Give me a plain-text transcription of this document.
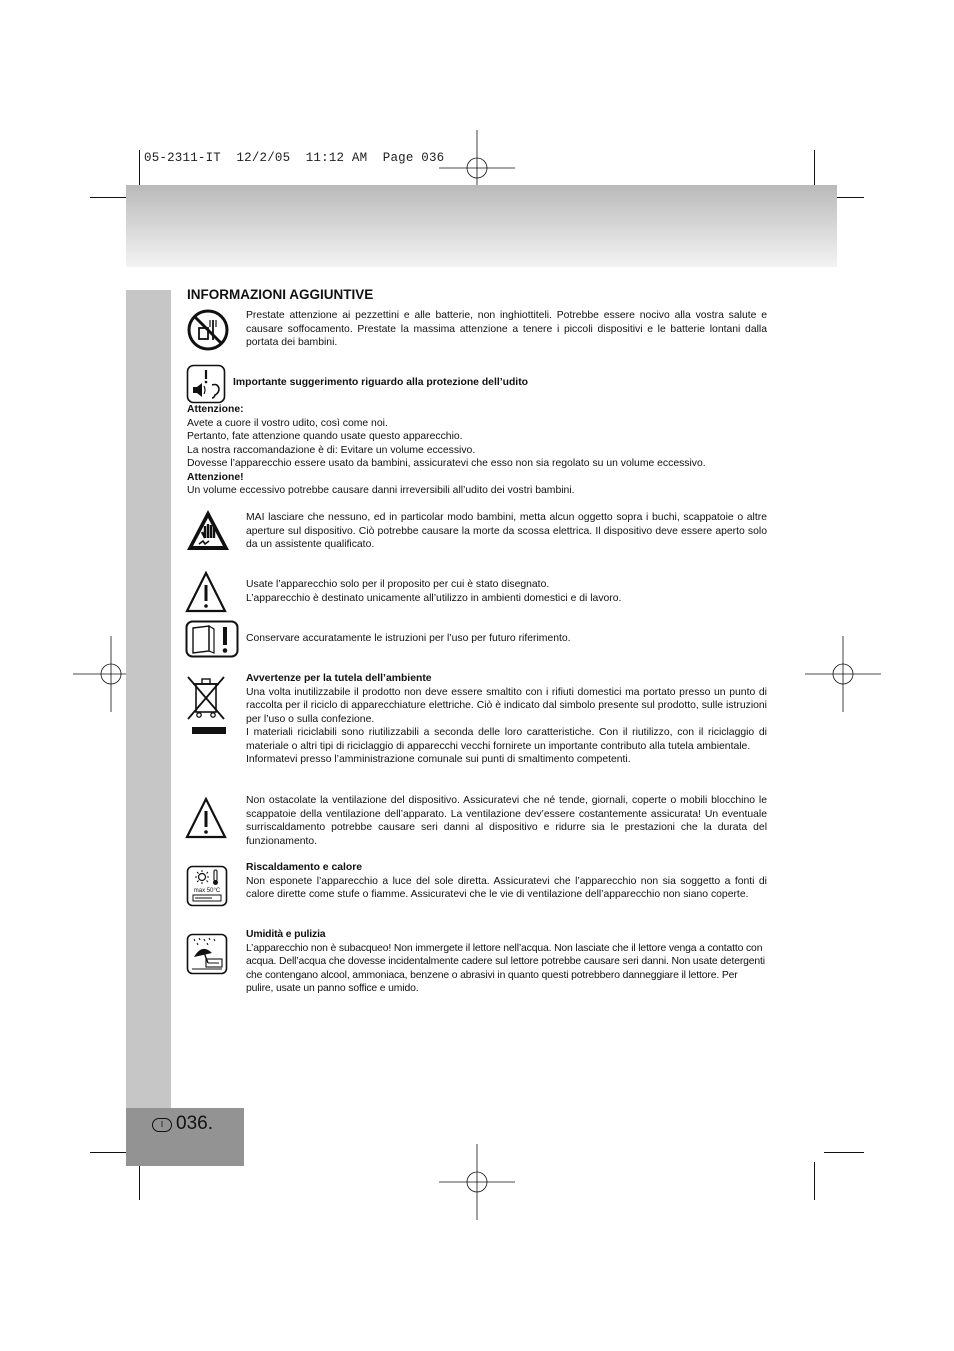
05-2311-IT  12/2/05  11:12 AM  Page 036
I 036.
INFORMAZIONI AGGIUNTIVE

Prestate attenzione ai pezzettini e alle batterie, non inghiottiteli. Potrebbe essere nocivo alla vostra salute e causare soffocamento. Prestate la massima attenzione a tenere i piccoli dispositivi e le batterie lontani dalla portata dei bambini.

Importante suggerimento riguardo alla protezione dell’udito
Attenzione:
Avete a cuore il vostro udito, così come noi.
Pertanto, fate attenzione quando usate questo apparecchio.
La nostra raccomandazione è di: Evitare un volume eccessivo.
Dovesse l’apparecchio essere usato da bambini, assicuratevi che esso non sia regolato su un volume eccessivo.
Attenzione!
Un volume eccessivo potrebbe causare danni irreversibili all’udito dei vostri bambini.

MAI lasciare che nessuno, ed in particolar modo bambini, metta alcun oggetto sopra i buchi, scappatoie o altre aperture sul dispositivo. Ciò potrebbe causare la morte da scossa elettrica. Il dispositivo deve essere aperto solo da un assistente qualificato.

Usate l’apparecchio solo per il proposito per cui è stato disegnato.
L’apparecchio è destinato unicamente all’utilizzo in ambienti domestici e di lavoro.
Conservare accuratamente le istruzioni per l’uso per futuro riferimento.
Avvertenze per la tutela dell’ambiente
Una volta inutilizzabile il prodotto non deve essere smaltito con i rifiuti domestici ma portato presso un punto di raccolta per il riciclo di apparecchiature elettriche. Ciò è indicato dal simbolo presente sul prodotto, sulle istruzioni per l’uso o sulla confezione.
I materiali riciclabili sono riutilizzabili a seconda delle loro caratteristiche. Con il riutilizzo, con il riciclaggio di materiale o altri tipi di riciclaggio di apparecchi vecchi fornirete un importante contributo alla tutela ambientale.
Informatevi presso l’amministrazione comunale sui punti di smaltimento competenti.

Non ostacolate la ventilazione del dispositivo. Assicuratevi che né tende, giornali, coperte o mobili blocchino le scappatoie della ventilazione dell’apparato. La ventilazione dev’essere costantemente assicurata! Un eventuale surriscaldamento potrebbe causare seri danni al dispositivo e ridurre sia le prestazioni che la durata del funzionamento.

max 50°C
Riscaldamento e calore
Non esponete l’apparecchio a luce del sole diretta. Assicuratevi che l’apparecchio non sia soggetto a fonti di calore dirette come stufe o fiamme. Assicuratevi che le vie di ventilazione dell’apparecchio non siano coperte.
Umidità e pulizia
L’apparecchio non è subacqueo! Non immergete il lettore nell’acqua. Non lasciate che il lettore venga a contatto con acqua. Dell’acqua che dovesse incidentalmente cadere sul lettore potrebbe causare seri danni. Non usate detergenti che contengano alcool, ammoniaca, benzene o abrasivi in quanto questi potrebbero danneggiare il lettore. Per pulire, usate un panno soffice e umido.
